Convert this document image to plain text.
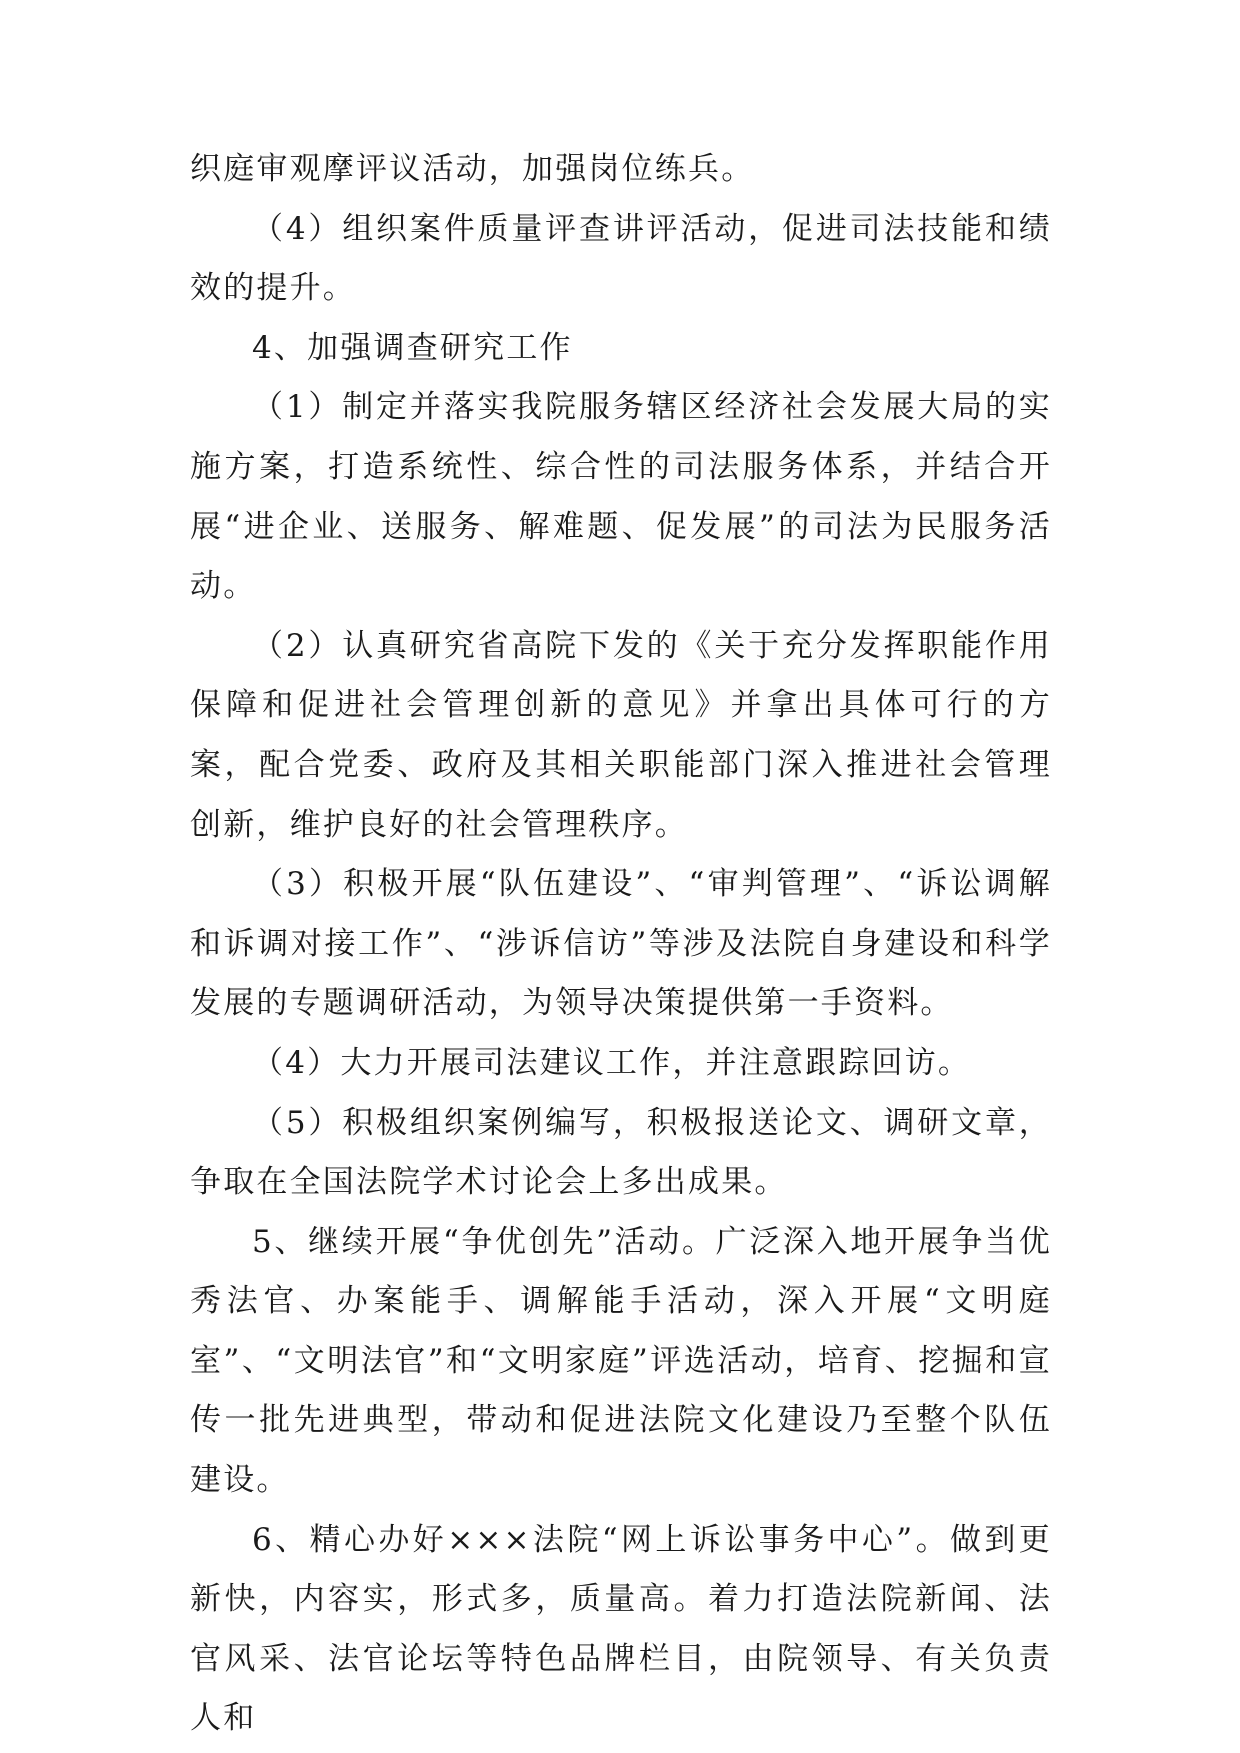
织庭审观摩评议活动，加强岗位练兵。

（4）组织案件质量评查讲评活动，促进司法技能和绩效的提升。

4、加强调查研究工作

（1）制定并落实我院服务辖区经济社会发展大局的实施方案，打造系统性、综合性的司法服务体系，并结合开展“进企业、送服务、解难题、促发展”的司法为民服务活动。

（2）认真研究省高院下发的《关于充分发挥职能作用保障和促进社会管理创新的意见》并拿出具体可行的方案，配合党委、政府及其相关职能部门深入推进社会管理创新，维护良好的社会管理秩序。

（3）积极开展“队伍建设”、“审判管理”、“诉讼调解和诉调对接工作”、“涉诉信访”等涉及法院自身建设和科学发展的专题调研活动，为领导决策提供第一手资料。

（4）大力开展司法建议工作，并注意跟踪回访。

（5）积极组织案例编写，积极报送论文、调研文章，争取在全国法院学术讨论会上多出成果。

5、继续开展“争优创先”活动。广泛深入地开展争当优秀法官、办案能手、调解能手活动，深入开展“文明庭室”、“文明法官”和“文明家庭”评选活动，培育、挖掘和宣传一批先进典型，带动和促进法院文化建设乃至整个队伍建设。

6、精心办好×××法院“网上诉讼事务中心”。做到更新快，内容实，形式多，质量高。着力打造法院新闻、法官风采、法官论坛等特色品牌栏目，由院领导、有关负责人和
